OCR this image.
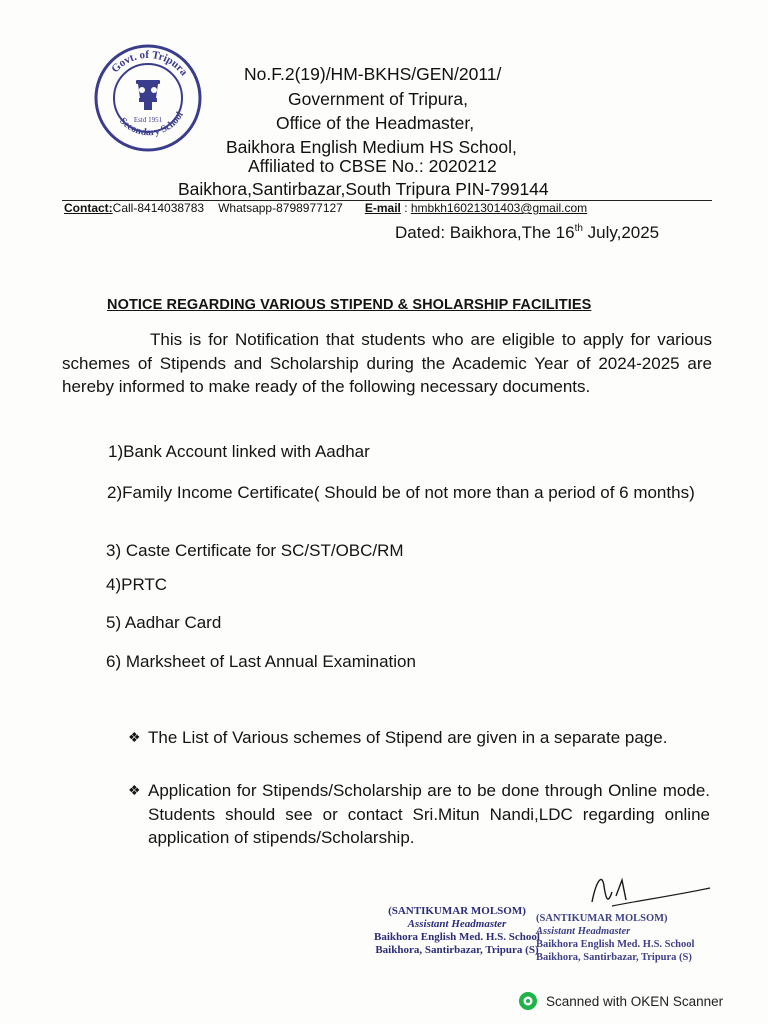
Govt. of Tripura
Secondary School
Estd 1951
No.F.2(19)/HM-BKHS/GEN/2011/
Government of Tripura,
Office of the Headmaster,
Baikhora English Medium HS School,
Affiliated to CBSE No.: 2020212
Baikhora,Santirbazar,South Tripura PIN-799144
Contact:Call-8414038783 Whatsapp-8798977127 E-mail : hmbkh16021301403@gmail.com
Dated: Baikhora,The 16th July,2025
NOTICE REGARDING VARIOUS STIPEND & SHOLARSHIP FACILITIES
This is for Notification that students who are eligible to apply for various schemes of Stipends and Scholarship during the Academic Year of 2024-2025 are hereby informed to make ready of the following necessary documents.
1)Bank Account linked with Aadhar
2)Family Income Certificate( Should be of not more than a period of 6 months)
3) Caste Certificate for SC/ST/OBC/RM
4)PRTC
5) Aadhar Card
6) Marksheet of Last Annual Examination
❖ The List of Various schemes of Stipend are given in a separate page.
❖ Application for Stipends/Scholarship are to be done through Online mode. Students should see or contact Sri.Mitun Nandi,LDC regarding online application of stipends/Scholarship.
(SANTIKUMAR MOLSOM)
Assistant Headmaster
Baikhora English Med. H.S. School
Baikhora, Santirbazar, Tripura (S)
(SANTIKUMAR MOLSOM)
Assistant Headmaster
Baikhora English Med. H.S. School
Baikhora, Santirbazar, Tripura (S)
Scanned with OKEN Scanner
